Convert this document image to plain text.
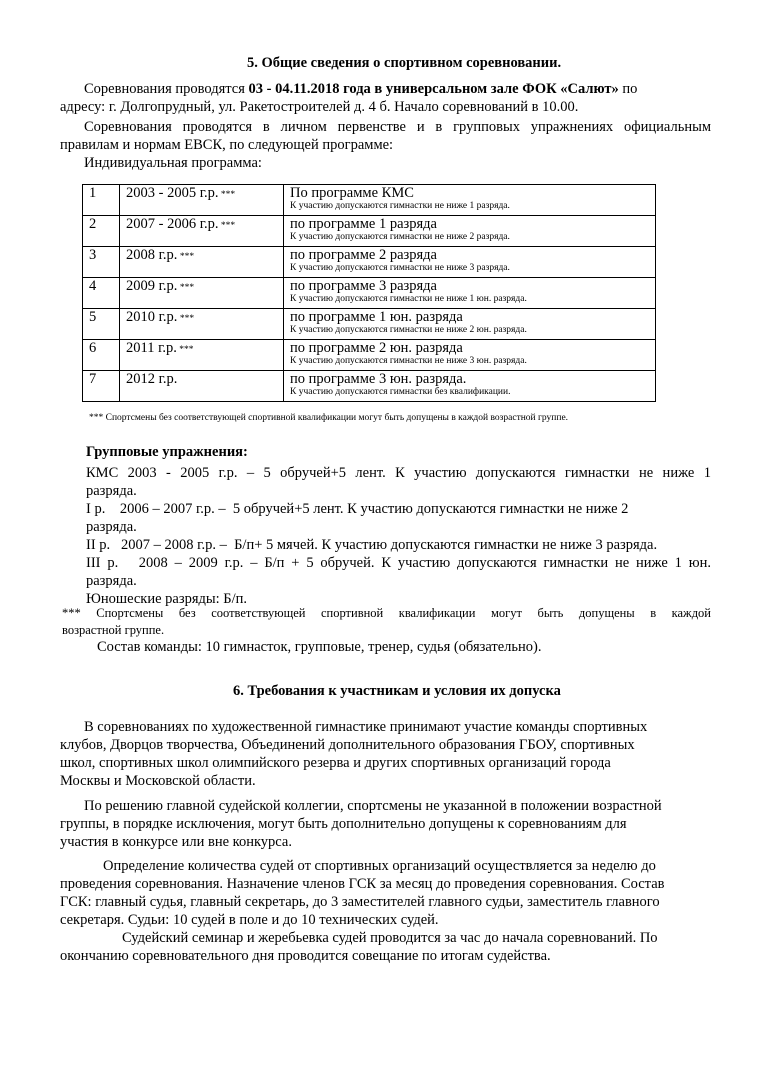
5. Общие сведения о спортивном соревновании.
Соревнования проводятся 03 - 04.11.2018 года в универсальном зале ФОК «Салют» по
адресу: г. Долгопрудный, ул. Ракетостроителей д. 4 б. Начало соревнований в 10.00.
Соревнования проводятся в личном первенстве и в групповых упражнениях официальным
правилам и нормам ЕВСК, по следующей программе:
Индивидуальная программа:
1	2003 - 2005 г.р. ***	По программе КМС
К участию допускаются гимнастки не ниже 1 разряда.

2	2007 - 2006 г.р. ***	по программе 1 разряда
К участию допускаются гимнастки не ниже 2 разряда.

3	2008 г.р. ***	по программе 2 разряда
К участию допускаются гимнастки не ниже 3 разряда.

4	2009 г.р. ***	по программе 3 разряда
К участию допускаются гимнастки не ниже 1 юн. разряда.

5	2010 г.р. ***	по программе 1 юн. разряда
К участию допускаются гимнастки не ниже 2 юн. разряда.

6	2011 г.р. ***	по программе 2 юн. разряда
К участию допускаются гимнастки не ниже 3 юн. разряда.

7	2012 г.р.	по программе 3 юн. разряда.
К участию допускаются гимнастки без квалификации.
*** Спортсмены без соответствующей спортивной квалификации могут быть допущены в каждой возрастной группе.
Групповые упражнения:
КМС 2003 - 2005 г.р. – 5 обручей+5 лент. К участию допускаются гимнастки не ниже 1
разряда.
I р.    2006 – 2007 г.р. –  5 обручей+5 лент. К участию допускаются гимнастки не ниже 2
разряда.
II р.   2007 – 2008 г.р. –  Б/п+ 5 мячей. К участию допускаются гимнастки не ниже 3 разряда.
III р.   2008 – 2009 г.р. – Б/п + 5 обручей. К участию допускаются гимнастки не ниже 1 юн.
разряда.
Юношеские разряды: Б/п.
*** Спортсмены без соответствующей спортивной квалификации могут быть допущены в каждой
возрастной группе.
Состав команды: 10 гимнасток, групповые, тренер, судья (обязательно).
6. Требования к участникам и условия их допуска
В соревнованиях по художественной гимнастике принимают участие команды спортивных
клубов, Дворцов творчества, Объединений дополнительного образования ГБОУ, спортивных
школ, спортивных школ олимпийского резерва и других спортивных организаций города
Москвы и Московской области.
По решению главной судейской коллегии, спортсмены не указанной в положении возрастной
группы, в порядке исключения, могут быть дополнительно допущены к соревнованиям для
участия в конкурсе или вне конкурса.
Определение количества судей от спортивных организаций осуществляется за неделю до
проведения соревнования. Назначение членов ГСК за месяц до проведения соревнования. Состав
ГСК: главный судья, главный секретарь, до 3 заместителей главного судьи, заместитель главного
секретаря. Судьи: 10 судей в поле и до 10 технических судей.
Судейский семинар и жеребьевка судей проводится за час до начала соревнований. По
окончанию соревновательного дня проводится совещание по итогам судейства.
